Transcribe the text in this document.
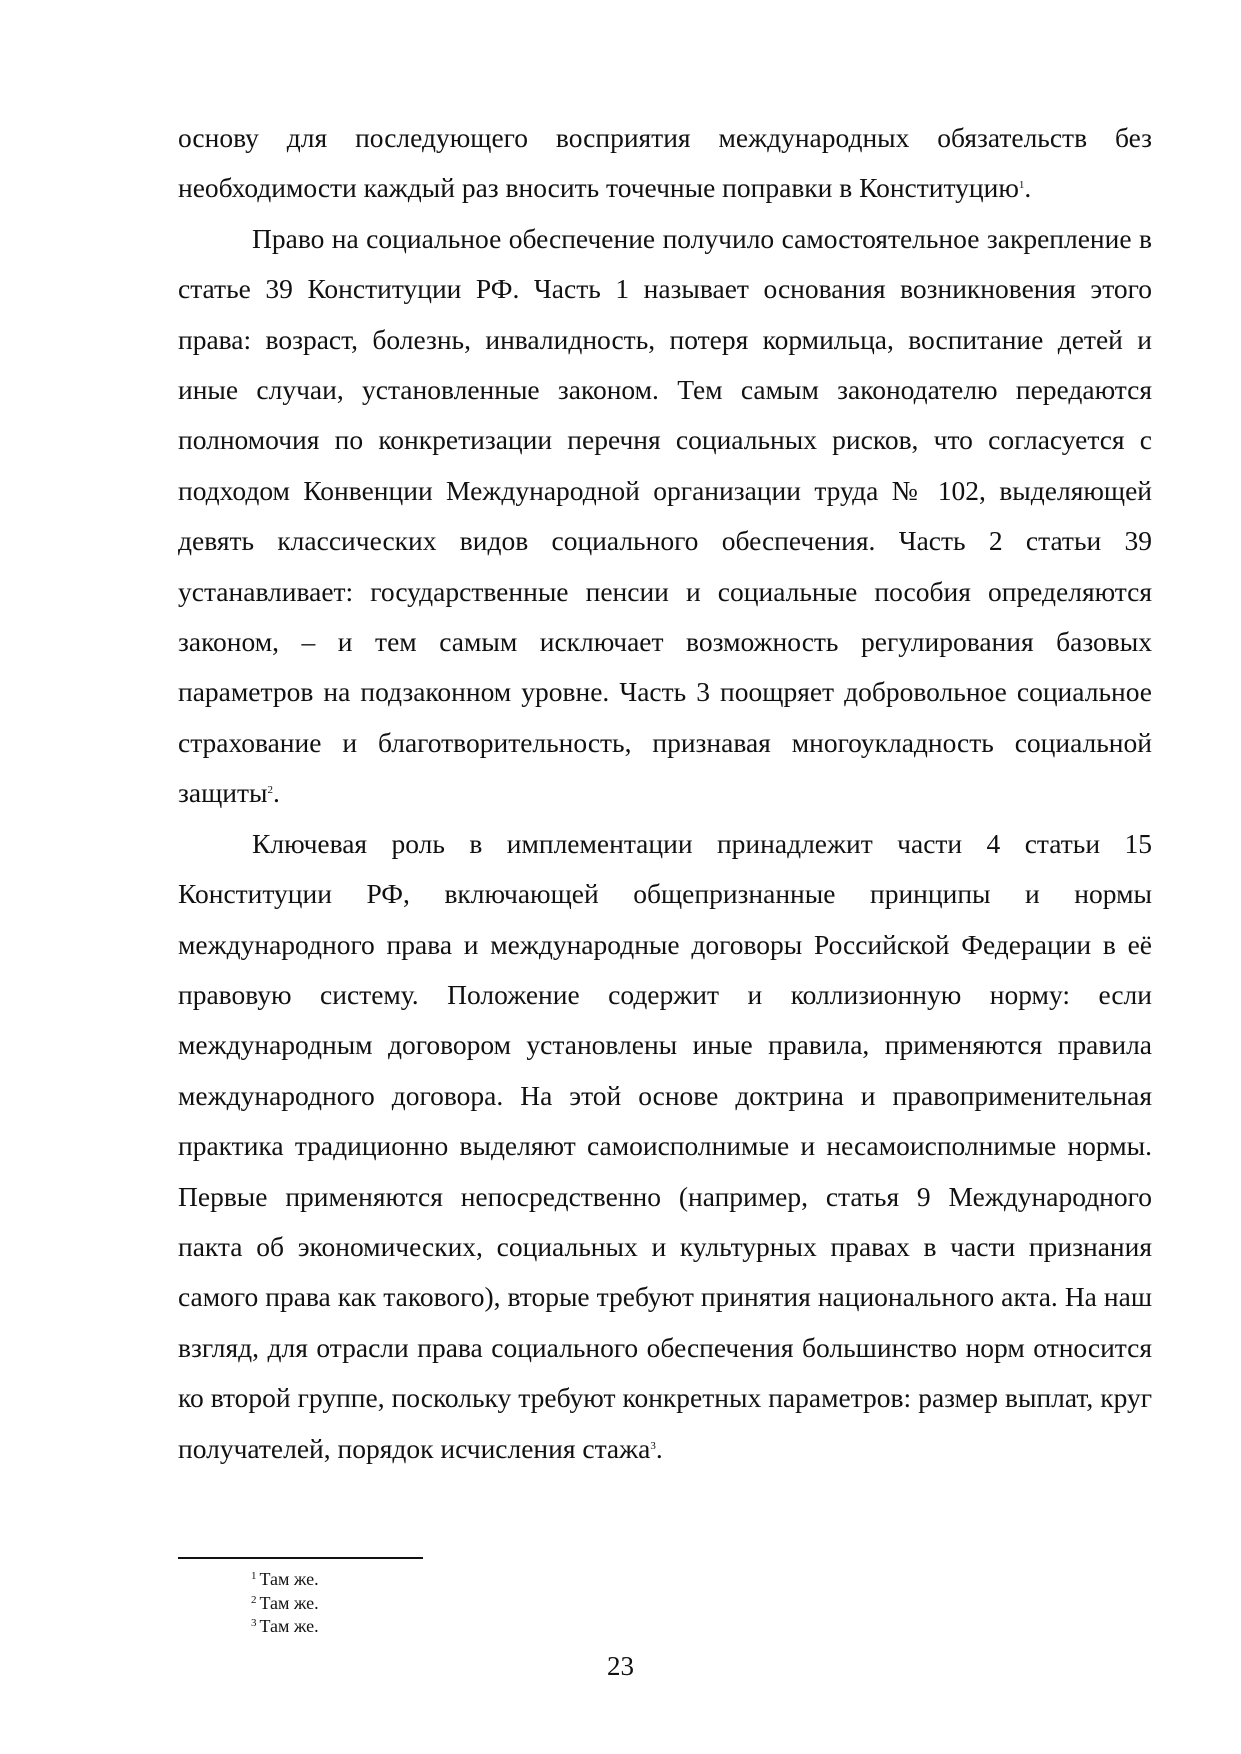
основу для последующего восприятия международных обязательств без необходимости каждый раз вносить точечные поправки в Конституцию$^1$.

Право на социальное обеспечение получило самостоятельное закрепление в статье 39 Конституции РФ. Часть 1 называет основания возникновения этого права: возраст, болезнь, инвалидность, потеря кормильца, воспитание детей и иные случаи, установленные законом. Тем самым законодателю передаются полномочия по конкретизации перечня социальных рисков, что согласуется с подходом Конвенции Международной организации труда № 102, выделяющей девять классических видов социального обеспечения. Часть 2 статьи 39 устанавливает: государственные пенсии и социальные пособия определяются законом, – и тем самым исключает возможность регулирования базовых параметров на подзаконном уровне. Часть 3 поощряет добровольное социальное страхование и благотворительность, признавая многоукладность социальной защиты$^2$.

Ключевая роль в имплементации принадлежит части 4 статьи 15 Конституции РФ, включающей общепризнанные принципы и нормы международного права и международные договоры Российской Федерации в её правовую систему. Положение содержит и коллизионную норму: если международным договором установлены иные правила, применяются правила международного договора. На этой основе доктрина и правоприменительная практика традиционно выделяют самоисполнимые и несамоисполнимые нормы. Первые применяются непосредственно (например, статья 9 Международного пакта об экономических, социальных и культурных правах в части признания самого права как такового), вторые требуют принятия национального акта. На наш взгляд, для отрасли права социального обеспечения большинство норм относится ко второй группе, поскольку требуют конкретных параметров: размер выплат, круг получателей, порядок исчисления стажа$^3$.

$^1$ Там же.

$^2$ Там же.

$^3$ Там же.

23
